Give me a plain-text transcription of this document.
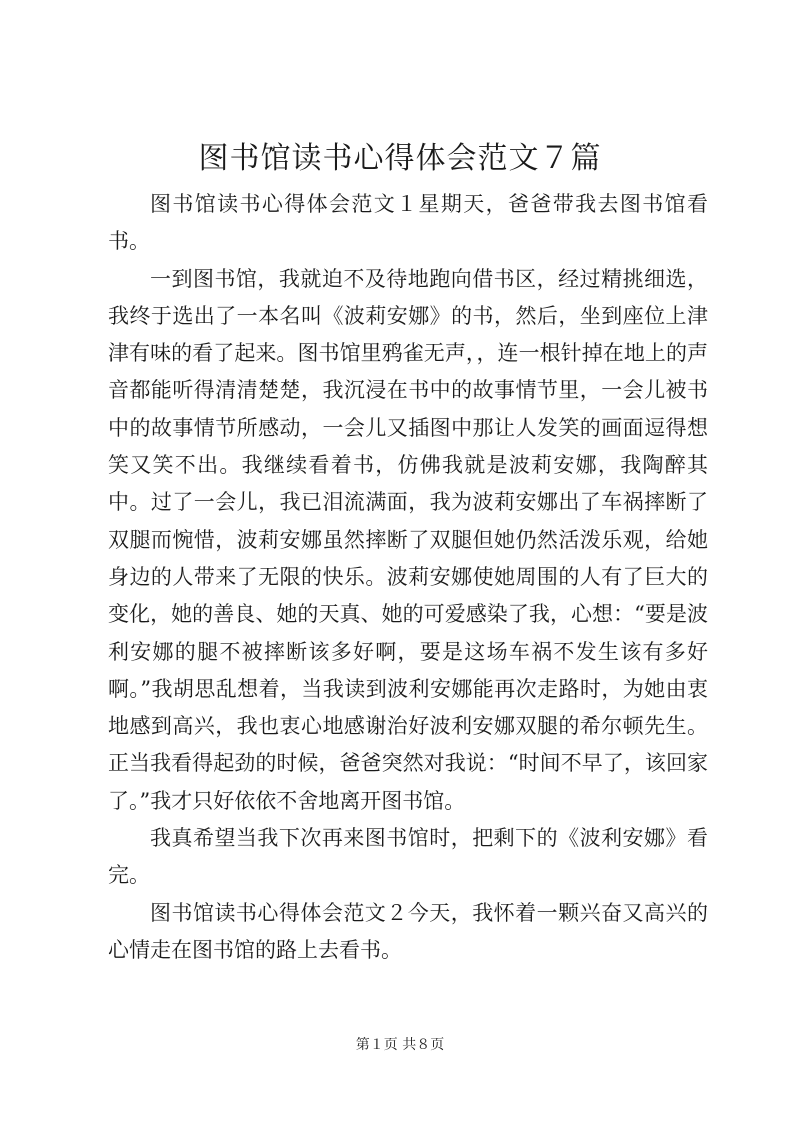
图书馆读书心得体会范文７篇

图书馆读书心得体会范文１星期天，爸爸带我去图书馆看书。

一到图书馆，我就迫不及待地跑向借书区，经过精挑细选，我终于选出了一本名叫《波莉安娜》的书，然后，坐到座位上津津有味的看了起来。图书馆里鸦雀无声，，连一根针掉在地上的声音都能听得清清楚楚，我沉浸在书中的故事情节里，一会儿被书中的故事情节所感动，一会儿又插图中那让人发笑的画面逗得想笑又笑不出。我继续看着书，仿佛我就是波莉安娜，我陶醉其中。过了一会儿，我已泪流满面，我为波莉安娜出了车祸摔断了双腿而惋惜，波莉安娜虽然摔断了双腿但她仍然活泼乐观，给她身边的人带来了无限的快乐。波莉安娜使她周围的人有了巨大的变化，她的善良、她的天真、她的可爱感染了我，心想：“要是波利安娜的腿不被摔断该多好啊，要是这场车祸不发生该有多好啊。”我胡思乱想着，当我读到波利安娜能再次走路时，为她由衷地感到高兴，我也衷心地感谢治好波利安娜双腿的希尔顿先生。正当我看得起劲的时候，爸爸突然对我说：“时间不早了，该回家了。”我才只好依依不舍地离开图书馆。

我真希望当我下次再来图书馆时，把剩下的《波利安娜》看完。

图书馆读书心得体会范文２今天，我怀着一颗兴奋又高兴的心情走在图书馆的路上去看书。

第１页 共８页
